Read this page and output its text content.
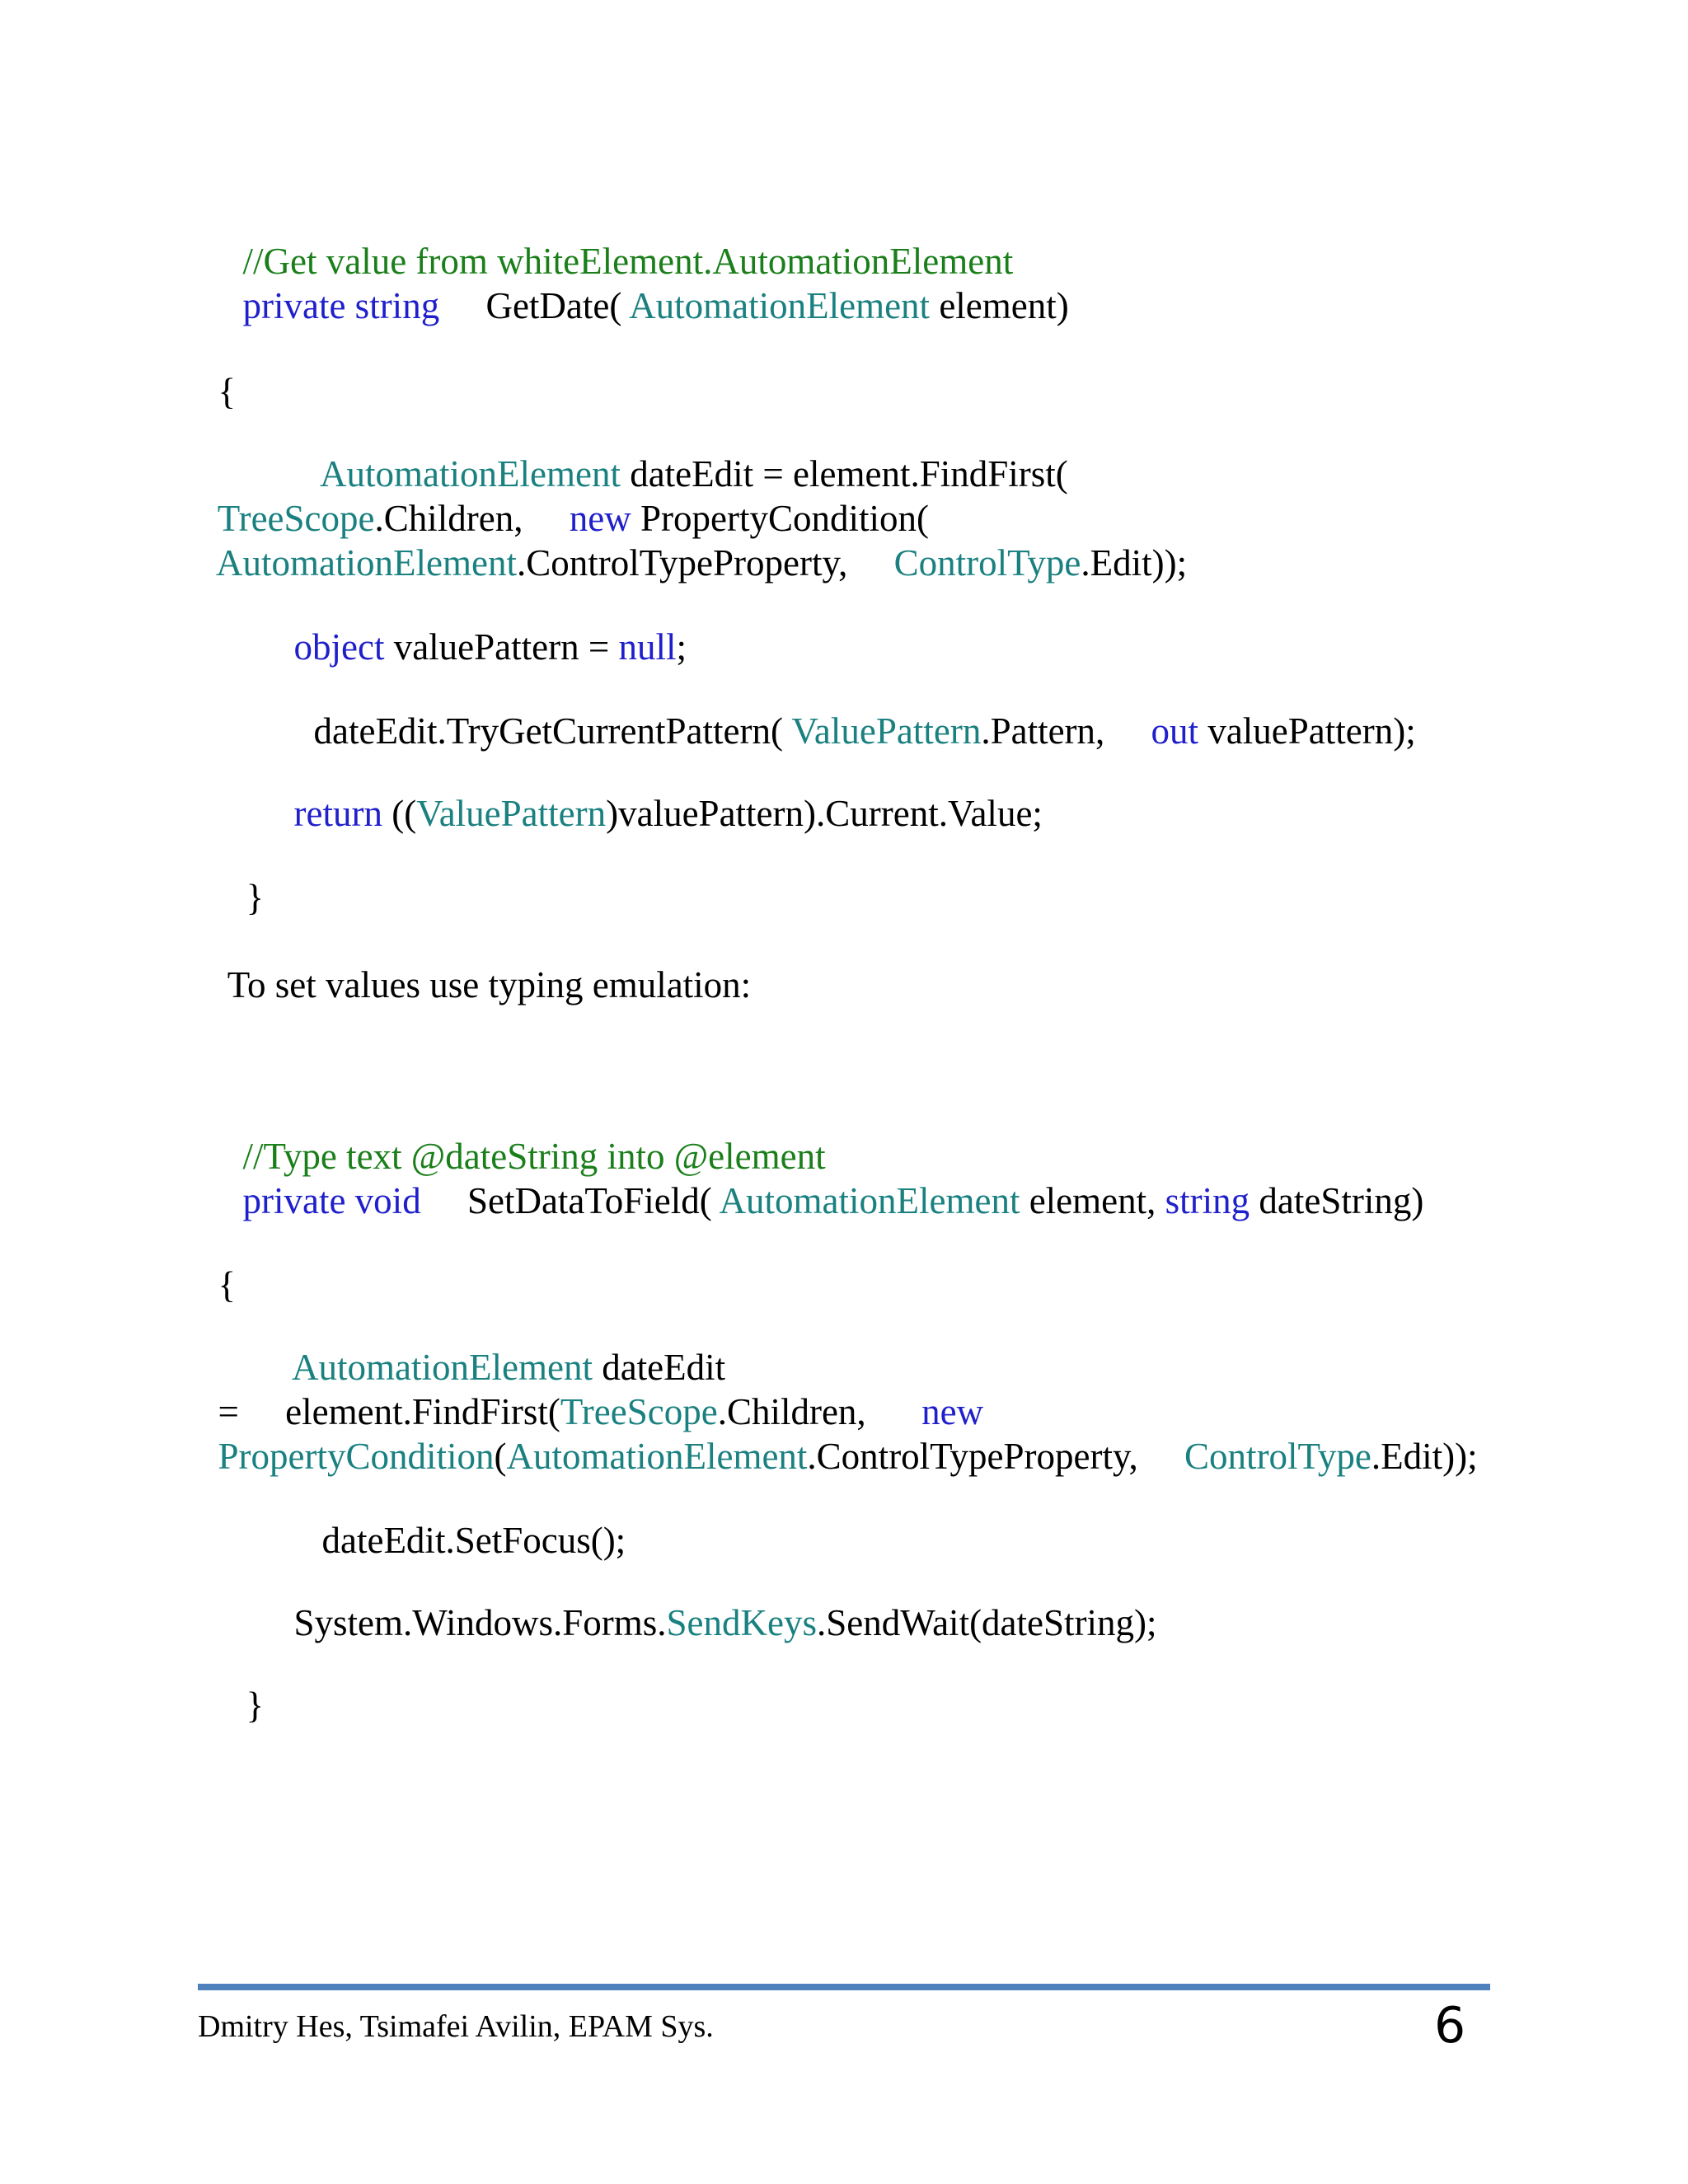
//Get value from whiteElement.AutomationElement

private string GetDate( AutomationElement element)

{

AutomationElement dateEdit = element.FindFirst(

TreeScope.Children, new PropertyCondition(

AutomationElement.ControlTypeProperty, ControlType.Edit));

object valuePattern = null;

dateEdit.TryGetCurrentPattern( ValuePattern.Pattern, out valuePattern);

return ((ValuePattern)valuePattern).Current.Value;

}

To set values use typing emulation:

//Type text @dateString into @element

private void SetDataToField( AutomationElement element, string dateString)

{

AutomationElement dateEdit

= element.FindFirst(TreeScope.Children, new

PropertyCondition(AutomationElement.ControlTypeProperty, ControlType.Edit));

dateEdit.SetFocus();

System.Windows.Forms.SendKeys.SendWait(dateString);

}

Dmitry Hes, Tsimafei Avilin, EPAM Sys.	6
